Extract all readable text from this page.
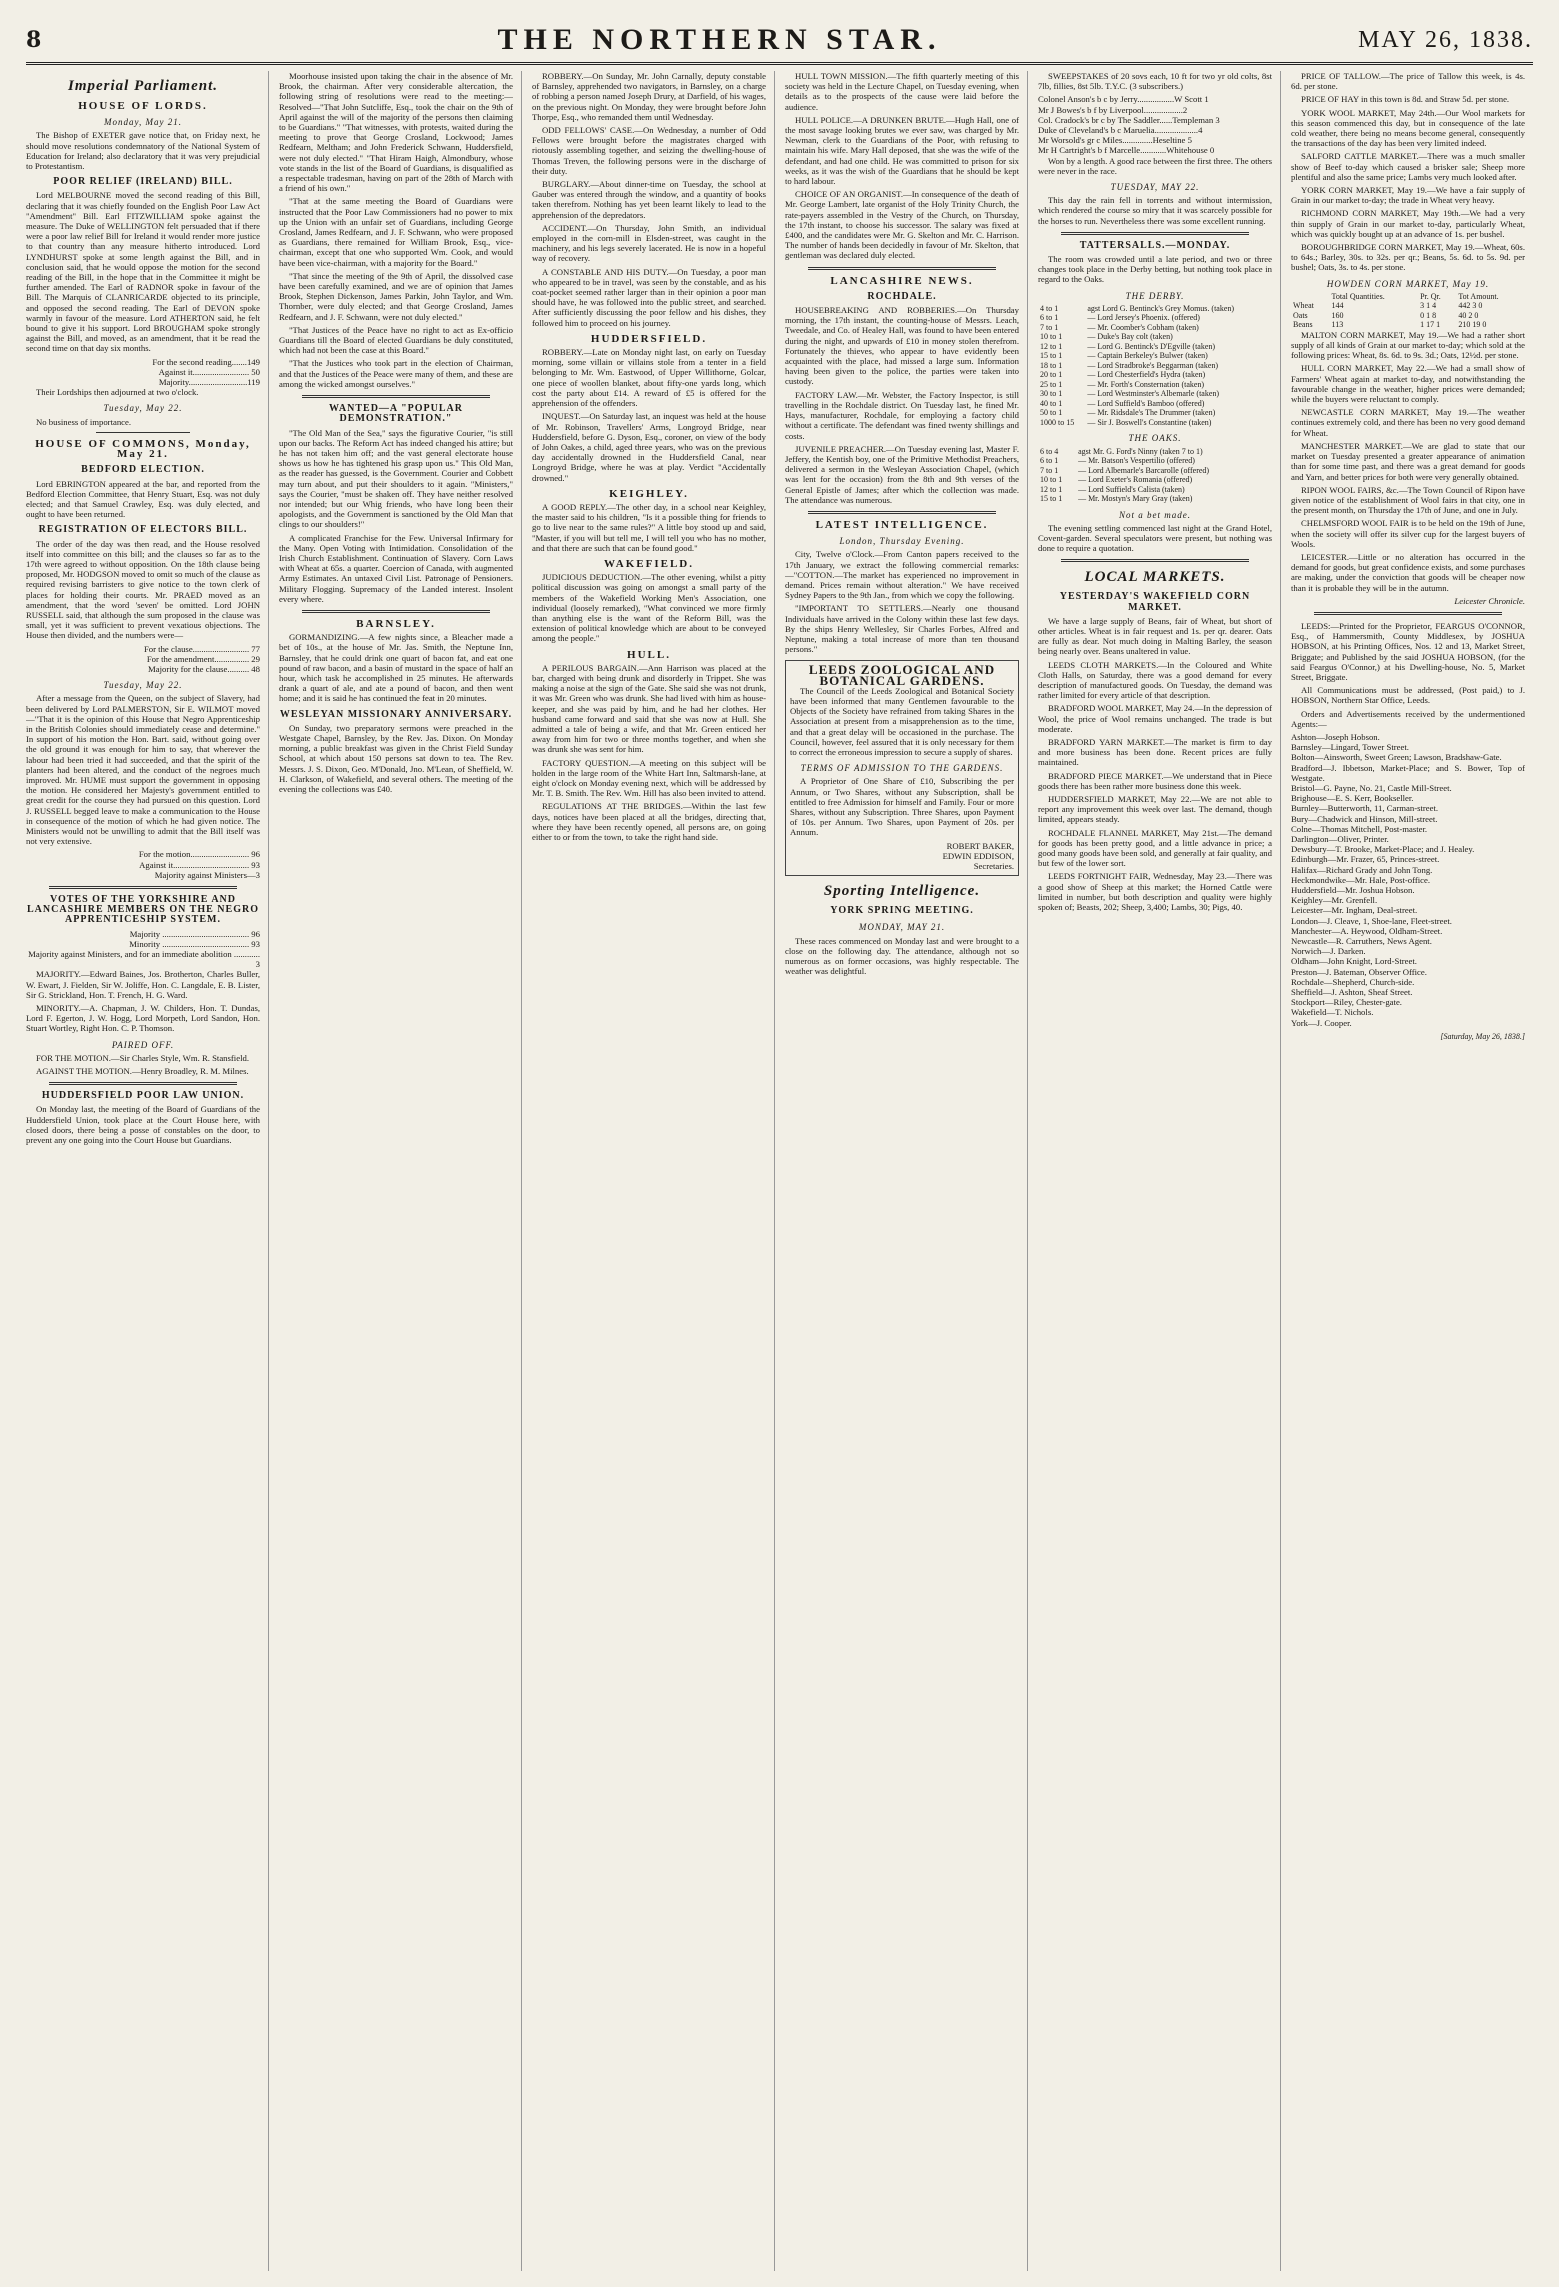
8	THE NORTHERN STAR.	MAY 26, 1838.
Imperial Parliament.
HOUSE OF LORDS.
Monday, May 21.

The Bishop of EXETER gave notice that, on Friday next, he should move resolutions condemnatory of the National System of Education for Ireland; also declaratory that it was very prejudicial to Protestantism.

POOR RELIEF (IRELAND) BILL.

Lord MELBOURNE moved the second reading of this Bill, declaring that it was chiefly founded on the English Poor Law Act "Amendment" Bill. Earl FITZWILLIAM spoke against the measure. The Duke of WELLINGTON felt persuaded that if there were a poor law relief Bill for Ireland it would render more justice to that country than any measure hitherto introduced. Lord LYNDHURST spoke at some length against the Bill, and in conclusion said, that he would oppose the motion for the second reading of the Bill, in the hope that in the Committee it might be further amended. The Earl of RADNOR spoke in favour of the Bill. The Marquis of CLANRICARDE objected to its principle, and opposed the second reading. The Earl of DEVON spoke warmly in favour of the measure. Lord ATHERTON said, he felt bound to give it his support. Lord BROUGHAM spoke strongly against the Bill, and moved, as an amendment, that it be read the second time on that day six months.

For the second reading.......149
Against it.......................... 50
Majority...........................119

Their Lordships then adjourned at two o'clock.

Tuesday, May 22.

No business of importance.

HOUSE OF COMMONS, Monday, May 21.
BEDFORD ELECTION.

Lord EBRINGTON appeared at the bar, and reported from the Bedford Election Committee, that Henry Stuart, Esq. was not duly elected; and that Samuel Crawley, Esq. was duly elected, and ought to have been returned.

REGISTRATION OF ELECTORS BILL.

The order of the day was then read, and the House resolved itself into committee on this bill; and the clauses so far as to the 17th were agreed to without opposition. On the 18th clause being proposed, Mr. HODGSON moved to omit so much of the clause as required revising barristers to give notice to the town clerk of places for holding their courts. Mr. PRAED moved as an amendment, that the word 'seven' be omitted. Lord JOHN RUSSELL said, that although the sum proposed in the clause was small, yet it was sufficient to prevent vexatious objections. The House then divided, and the numbers were—

For the clause.......................... 77
For the amendment................ 29
Majority for the clause.......... 48
Tuesday, May 22.

After a message from the Queen, on the subject of Slavery, had been delivered by Lord PALMERSTON, Sir E. WILMOT moved—"That it is the opinion of this House that Negro Apprenticeship in the British Colonies should immediately cease and determine." In support of his motion the Hon. Bart. said, without going over the old ground it was enough for him to say, that wherever the labour had been tried it had succeeded, and that the spirit of the planters had been altered, and the conduct of the negroes much improved. Mr. HUME must support the government in opposing the motion. He considered her Majesty's government entitled to great credit for the course they had pursued on this question. Lord J. RUSSELL begged leave to make a communication to the House in consequence of the motion of which he had given notice. The Ministers would not be unwilling to admit that the Bill itself was not very extensive.

For the motion........................... 96
Against it................................... 93
Majority against Ministers—3
VOTES OF THE YORKSHIRE AND LANCASHIRE MEMBERS ON THE NEGRO APPRENTICESHIP SYSTEM.
Majority ........................................ 96
Minority ........................................ 93
Majority against Ministers, and for an immediate abolition ............ 3

MAJORITY.—Edward Baines, Jos. Brotherton, Charles Buller, W. Ewart, J. Fielden, Sir W. Joliffe, Hon. C. Langdale, E. B. Lister, Sir G. Strickland, Hon. T. French, H. G. Ward.

MINORITY.—A. Chapman, J. W. Childers, Hon. T. Dundas, Lord F. Egerton, J. W. Hogg, Lord Morpeth, Lord Sandon, Hon. Stuart Wortley, Right Hon. C. P. Thomson.

PAIRED OFF.

FOR THE MOTION.—Sir Charles Style, Wm. R. Stansfield.

AGAINST THE MOTION.—Henry Broadley, R. M. Milnes.

HUDDERSFIELD POOR LAW UNION.

On Monday last, the meeting of the Board of Guardians of the Huddersfield Union, took place at the Court House here, with closed doors, there being a posse of constables on the door, to prevent any one going into the Court House but Guardians.

Moorhouse insisted upon taking the chair in the absence of Mr. Brook, the chairman. After very considerable altercation, the following string of resolutions were read to the meeting:— Resolved—"That John Sutcliffe, Esq., took the chair on the 9th of April against the will of the majority of the persons then claiming to be Guardians." "That witnesses, with protests, waited during the meeting to prove that George Crosland, Lockwood; James Redfearn, Meltham; and John Frederick Schwann, Huddersfield, were not duly elected." "That Hiram Haigh, Almondbury, whose vote stands in the list of the Board of Guardians, is disqualified as a respectable tradesman, having on part of the 28th of March with a friend of his own."

"That at the same meeting the Board of Guardians were instructed that the Poor Law Commissioners had no power to mix up the Union with an unfair set of Guardians, including George Crosland, James Redfearn, and J. F. Schwann, who were proposed as Guardians, there remained for William Brook, Esq., vice-chairman, except that one who supported Wm. Cook, and would have been vice-chairman, with a majority for the Board."

"That since the meeting of the 9th of April, the dissolved case have been carefully examined, and we are of opinion that James Brook, Stephen Dickenson, James Parkin, John Taylor, and Wm. Thornber, were duly elected; and that George Crosland, James Redfearn, and J. F. Schwann, were not duly elected."

"That Justices of the Peace have no right to act as Ex-officio Guardians till the Board of elected Guardians be duly constituted, which had not been the case at this Board."

"That the Justices who took part in the election of Chairman, and that the Justices of the Peace were many of them, and these are among the wicked amongst ourselves."

WANTED—A "POPULAR DEMONSTRATION."

"The Old Man of the Sea," says the figurative Courier, "is still upon our backs. The Reform Act has indeed changed his attire; but he has not taken him off; and the vast general electorate house shows us how he has tightened his grasp upon us." This Old Man, as the reader has guessed, is the Government. Courier and Cobbett may turn about, and put their shoulders to it again. "Ministers," says the Courier, "must be shaken off. They have neither resolved nor intended; but our Whig friends, who have long been their apologists, and the Government is sanctioned by the Old Man that clings to our shoulders!"

A complicated Franchise for the Few. Universal Infirmary for the Many. Open Voting with Intimidation. Consolidation of the Irish Church Establishment. Continuation of Slavery. Corn Laws with Wheat at 65s. a quarter. Coercion of Canada, with augmented Army Estimates. An untaxed Civil List. Patronage of Pensioners. Military Flogging. Supremacy of the Landed interest. Insolent every where.

BARNSLEY.

GORMANDIZING.—A few nights since, a Bleacher made a bet of 10s., at the house of Mr. Jas. Smith, the Neptune Inn, Barnsley, that he could drink one quart of bacon fat, and eat one pound of raw bacon, and a basin of mustard in the space of half an hour, which task he accomplished in 25 minutes. He afterwards drank a quart of ale, and ate a pound of bacon, and then went home; and it is said he has continued the feat in 20 minutes.

WESLEYAN MISSIONARY ANNIVERSARY.

On Sunday, two preparatory sermons were preached in the Westgate Chapel, Barnsley, by the Rev. Jas. Dixon. On Monday morning, a public breakfast was given in the Christ Field Sunday School, at which about 150 persons sat down to tea. The Rev. Messrs. J. S. Dixon, Geo. M'Donald, Jno. M'Lean, of Sheffield, W. H. Clarkson, of Wakefield, and several others. The meeting of the evening the collections was £40.

ROBBERY.—On Sunday, Mr. John Carnally, deputy constable of Barnsley, apprehended two navigators, in Barnsley, on a charge of robbing a person named Joseph Drury, at Darfield, of his wages, on the previous night. On Monday, they were brought before John Thorpe, Esq., who remanded them until Wednesday.

ODD FELLOWS' CASE.—On Wednesday, a number of Odd Fellows were brought before the magistrates charged with riotously assembling together, and seizing the dwelling-house of Thomas Treven, the following persons were in the discharge of their duty.

BURGLARY.—About dinner-time on Tuesday, the school at Gauber was entered through the window, and a quantity of books taken therefrom. Nothing has yet been learnt likely to lead to the apprehension of the depredators.

ACCIDENT.—On Thursday, John Smith, an individual employed in the corn-mill in Elsden-street, was caught in the machinery, and his legs severely lacerated. He is now in a hopeful way of recovery.

A CONSTABLE AND HIS DUTY.—On Tuesday, a poor man who appeared to be in travel, was seen by the constable, and as his coat-pocket seemed rather larger than in their opinion a poor man should have, he was followed into the public street, and searched. After sufficiently discussing the poor fellow and his dishes, they followed him to proceed on his journey.

HUDDERSFIELD.

ROBBERY.—Late on Monday night last, on early on Tuesday morning, some villain or villains stole from a tenter in a field belonging to Mr. Wm. Eastwood, of Upper Willithorne, Golcar, one piece of woollen blanket, about fifty-one yards long, which cost the party about £14. A reward of £5 is offered for the apprehension of the offenders.

INQUEST.—On Saturday last, an inquest was held at the house of Mr. Robinson, Travellers' Arms, Longroyd Bridge, near Huddersfield, before G. Dyson, Esq., coroner, on view of the body of John Oakes, a child, aged three years, who was on the previous day accidentally drowned in the Huddersfield Canal, near Longroyd Bridge, where he was at play. Verdict "Accidentally drowned."

KEIGHLEY.

A GOOD REPLY.—The other day, in a school near Keighley, the master said to his children, "Is it a possible thing for friends to go to live near to the same rules?" A little boy stood up and said, "Master, if you will but tell me, I will tell you who has no mother, and that there are such that can be found good."

WAKEFIELD.

JUDICIOUS DEDUCTION.—The other evening, whilst a pitty political discussion was going on amongst a small party of the members of the Wakefield Working Men's Association, one individual (loosely remarked), "What convinced we more firmly than anything else is the want of the Reform Bill, was the extension of political knowledge which are about to be conveyed among the people."

HULL.

A PERILOUS BARGAIN.—Ann Harrison was placed at the bar, charged with being drunk and disorderly in Trippet. She was making a noise at the sign of the Gate. She said she was not drunk, it was Mr. Green who was drunk. She had lived with him as house-keeper, and she was paid by him, and he had her clothes. Her husband came forward and said that she was now at Hull. She admitted a tale of being a wife, and that Mr. Green enticed her away from him for two or three months together, and when she was drunk she was sent for him.

FACTORY QUESTION.—A meeting on this subject will be holden in the large room of the White Hart Inn, Saltmarsh-lane, at eight o'clock on Monday evening next, which will be addressed by Mr. T. B. Smith. The Rev. Wm. Hill has also been invited to attend.

REGULATIONS AT THE BRIDGES.—Within the last few days, notices have been placed at all the bridges, directing that, where they have been recently opened, all persons are, on going either to or from the town, to take the right hand side.

HULL TOWN MISSION.—The fifth quarterly meeting of this society was held in the Lecture Chapel, on Tuesday evening, when details as to the prospects of the cause were laid before the audience.

HULL POLICE.—A DRUNKEN BRUTE.—Hugh Hall, one of the most savage looking brutes we ever saw, was charged by Mr. Newman, clerk to the Guardians of the Poor, with refusing to maintain his wife. Mary Hall deposed, that she was the wife of the defendant, and had one child. He was committed to prison for six weeks, as it was the wish of the Guardians that he should be kept to hard labour.

CHOICE OF AN ORGANIST.—In consequence of the death of Mr. George Lambert, late organist of the Holy Trinity Church, the rate-payers assembled in the Vestry of the Church, on Thursday, the 17th instant, to choose his successor. The salary was fixed at £400, and the candidates were Mr. G. Skelton and Mr. C. Harrison. The number of hands been decidedly in favour of Mr. Skelton, that gentleman was declared duly elected.

LANCASHIRE NEWS.
ROCHDALE.

HOUSEBREAKING AND ROBBERIES.—On Thursday morning, the 17th instant, the counting-house of Messrs. Leach, Tweedale, and Co. of Healey Hall, was found to have been entered during the night, and upwards of £10 in money stolen therefrom. Fortunately the thieves, who appear to have evidently been acquainted with the place, had missed a large sum. Information having been given to the police, the parties were taken into custody.

FACTORY LAW.—Mr. Webster, the Factory Inspector, is still travelling in the Rochdale district. On Tuesday last, he fined Mr. Hays, manufacturer, Rochdale, for employing a factory child without a certificate. The defendant was fined twenty shillings and costs.

JUVENILE PREACHER.—On Tuesday evening last, Master F. Jeffery, the Kentish boy, one of the Primitive Methodist Preachers, delivered a sermon in the Wesleyan Association Chapel, (which was lent for the occasion) from the 8th and 9th verses of the General Epistle of James; after which the collection was made. The attendance was numerous.

LATEST INTELLIGENCE.
London, Thursday Evening.

City, Twelve o'Clock.—From Canton papers received to the 17th January, we extract the following commercial remarks:—"COTTON.—The market has experienced no improvement in demand. Prices remain without alteration." We have received Sydney Papers to the 9th Jan., from which we copy the following.

"IMPORTANT TO SETTLERS.—Nearly one thousand Individuals have arrived in the Colony within these last few days. By the ships Henry Wellesley, Sir Charles Forbes, Alfred and Neptune, making a total increase of more than ten thousand persons."

LEEDS ZOOLOGICAL AND BOTANICAL GARDENS.

The Council of the Leeds Zoological and Botanical Society have been informed that many Gentlemen favourable to the Objects of the Society have refrained from taking Shares in the Association at present from a misapprehension as to the time, and that a great delay will be occasioned in the purchase. The Council, however, feel assured that it is only necessary for them to correct the erroneous impression to secure a supply of shares.

TERMS OF ADMISSION TO THE GARDENS.

A Proprietor of One Share of £10, Subscribing the per Annum, or Two Shares, without any Subscription, shall be entitled to free Admission for himself and Family. Four or more Shares, without any Subscription. Three Shares, upon Payment of 10s. per Annum. Two Shares, upon Payment of 20s. per Annum.

ROBERT BAKER,
EDWIN EDDISON,
Secretaries.
Sporting Intelligence.
YORK SPRING MEETING.
MONDAY, MAY 21.

These races commenced on Monday last and were brought to a close on the following day. The attendance, although not so numerous as on former occasions, was highly respectable. The weather was delightful.

SWEEPSTAKES of 20 sovs each, 10 ft for two yr old colts, 8st 7lb, fillies, 8st 5lb. T.Y.C. (3 subscribers.)

Colonel Anson's b c by Jerry.................W Scott 1
Mr J Bowes's b f by Liverpool..................2
Col. Cradock's br c by The Saddler......Templeman 3
Duke of Cleveland's b c Maruelia....................4
Mr Worsold's gr c Miles..............Heseltine 5
Mr H Cartright's b f Marcelle............Whitehouse 0

Won by a length. A good race between the first three. The others were never in the race.

TUESDAY, MAY 22.

This day the rain fell in torrents and without intermission, which rendered the course so miry that it was scarcely possible for the horses to run. Nevertheless there was some excellent running.

TATTERSALLS.—MONDAY.

The room was crowded until a late period, and two or three changes took place in the Derby betting, but nothing took place in regard to the Oaks.

THE DERBY.
4 to 1	agst Lord G. Bentinck's Grey Momus. (taken)
6 to 1	— Lord Jersey's Phoenix. (offered)
7 to 1	— Mr. Coomber's Cobham (taken)
10 to 1	— Duke's Bay colt (taken)
12 to 1	— Lord G. Bentinck's D'Egville (taken)
15 to 1	— Captain Berkeley's Bulwer (taken)
18 to 1	— Lord Stradbroke's Beggarman (taken)
20 to 1	— Lord Chesterfield's Hydra (taken)
25 to 1	— Mr. Forth's Consternation (taken)
30 to 1	— Lord Westminster's Albemarle (taken)
40 to 1	— Lord Suffield's Bamboo (offered)
50 to 1	— Mr. Ridsdale's The Drummer (taken)
1000 to 15	— Sir J. Boswell's Constantine (taken)
THE OAKS.
6 to 4	agst Mr. G. Ford's Ninny (taken 7 to 1)
6 to 1	— Mr. Batson's Vespertilio (offered)
7 to 1	— Lord Albemarle's Barcarolle (offered)
10 to 1	— Lord Exeter's Romania (offered)
12 to 1	— Lord Suffield's Calista (taken)
15 to 1	— Mr. Mostyn's Mary Gray (taken)
Not a bet made.

The evening settling commenced last night at the Grand Hotel, Covent-garden. Several speculators were present, but nothing was done to require a quotation.

LOCAL MARKETS.
YESTERDAY'S WAKEFIELD CORN MARKET.

We have a large supply of Beans, fair of Wheat, but short of other articles. Wheat is in fair request and 1s. per qr. dearer. Oats are fully as dear. Not much doing in Malting Barley, the season being nearly over. Beans unaltered in value.

LEEDS CLOTH MARKETS.—In the Coloured and White Cloth Halls, on Saturday, there was a good demand for every description of manufactured goods. On Tuesday, the demand was rather limited for every article of that description.

BRADFORD WOOL MARKET, May 24.—In the depression of Wool, the price of Wool remains unchanged. The trade is but moderate.

BRADFORD YARN MARKET.—The market is firm to day and more business has been done. Recent prices are fully maintained.

BRADFORD PIECE MARKET.—We understand that in Piece goods there has been rather more business done this week.

HUDDERSFIELD MARKET, May 22.—We are not able to report any improvement this week over last. The demand, though limited, appears steady.

ROCHDALE FLANNEL MARKET, May 21st.—The demand for goods has been pretty good, and a little advance in price; a good many goods have been sold, and generally at fair quality, and but few of the lower sort.

LEEDS FORTNIGHT FAIR, Wednesday, May 23.—There was a good show of Sheep at this market; the Horned Cattle were limited in number, but both description and quality were highly spoken of; Beasts, 202; Sheep, 3,400; Lambs, 30; Pigs, 40.

PRICE OF TALLOW.—The price of Tallow this week, is 4s. 6d. per stone.

PRICE OF HAY in this town is 8d. and Straw 5d. per stone.

YORK WOOL MARKET, May 24th.—Our Wool markets for this season commenced this day, but in consequence of the late cold weather, there being no means become general, consequently the transactions of the day has been very limited indeed.

SALFORD CATTLE MARKET.—There was a much smaller show of Beef to-day which caused a brisker sale; Sheep more plentiful and also the same price; Lambs very much looked after.

YORK CORN MARKET, May 19.—We have a fair supply of Grain in our market to-day; the trade in Wheat very heavy.

RICHMOND CORN MARKET, May 19th.—We had a very thin supply of Grain in our market to-day, particularly Wheat, which was quickly bought up at an advance of 1s. per bushel.

BOROUGHBRIDGE CORN MARKET, May 19.—Wheat, 60s. to 64s.; Barley, 30s. to 32s. per qr.; Beans, 5s. 6d. to 5s. 9d. per bushel; Oats, 3s. to 4s. per stone.

HOWDEN CORN MARKET, May 19.
	Total Quantities.	Pr. Qr.	Tot Amount.
Wheat	144	3 1 4	442 3 0
Oats	160	0 1 8	40 2 0
Beans	113	1 17 1	210 19 0

MALTON CORN MARKET, May 19.—We had a rather short supply of all kinds of Grain at our market to-day; which sold at the following prices: Wheat, 8s. 6d. to 9s. 3d.; Oats, 12½d. per stone.

HULL CORN MARKET, May 22.—We had a small show of Farmers' Wheat again at market to-day, and notwithstanding the favourable change in the weather, higher prices were demanded; while the buyers were reluctant to comply.

NEWCASTLE CORN MARKET, May 19.—The weather continues extremely cold, and there has been no very good demand for Wheat.

MANCHESTER MARKET.—We are glad to state that our market on Tuesday presented a greater appearance of animation than for some time past, and there was a great demand for goods and Yarn, and better prices for both were very generally obtained.

RIPON WOOL FAIRS, &c.—The Town Council of Ripon have given notice of the establishment of Wool fairs in that city, one in the present month, on Thursday the 17th of June, and one in July.

CHELMSFORD WOOL FAIR is to be held on the 19th of June, when the society will offer its silver cup for the largest buyers of Wools.

LEICESTER.—Little or no alteration has occurred in the demand for goods, but great confidence exists, and some purchases are making, under the conviction that goods will be cheaper now than it is probable they will be in the autumn.

Leicester Chronicle.

LEEDS:—Printed for the Proprietor, FEARGUS O'CONNOR, Esq., of Hammersmith, County Middlesex, by JOSHUA HOBSON, at his Printing Offices, Nos. 12 and 13, Market Street, Briggate; and Published by the said JOSHUA HOBSON, (for the said Feargus O'Connor,) at his Dwelling-house, No. 5, Market Street, Briggate.

All Communications must be addressed, (Post paid,) to J. HOBSON, Northern Star Office, Leeds.

Orders and Advertisements received by the undermentioned Agents:—

Ashton—Joseph Hobson.
Barnsley—Lingard, Tower Street.
Bolton—Ainsworth, Sweet Green; Lawson, Bradshaw-Gate.
Bradford—J. Ibbetson, Market-Place; and S. Bower, Top of Westgate.
Bristol—G. Payne, No. 21, Castle Mill-Street.
Brighouse—E. S. Kerr, Bookseller.
Burnley—Butterworth, 11, Carman-street.
Bury—Chadwick and Hinson, Mill-street.
Colne—Thomas Mitchell, Post-master.
Darlington—Oliver, Printer.
Dewsbury—T. Brooke, Market-Place; and J. Healey.
Edinburgh—Mr. Frazer, 65, Princes-street.
Halifax—Richard Grady and John Tong.
Heckmondwike—Mr. Hale, Post-office.
Huddersfield—Mr. Joshua Hobson.
Keighley—Mr. Grenfell.
Leicester—Mr. Ingham, Deal-street.
London—J. Cleave, 1, Shoe-lane, Fleet-street.
Manchester—A. Heywood, Oldham-Street.
Newcastle—R. Carruthers, News Agent.
Norwich—J. Darken.
Oldham—John Knight, Lord-Street.
Preston—J. Bateman, Observer Office.
Rochdale—Shepherd, Church-side.
Sheffield—J. Ashton, Sheaf Street.
Stockport—Riley, Chester-gate.
Wakefield—T. Nichols.
York—J. Cooper.
[Saturday, May 26, 1838.]
